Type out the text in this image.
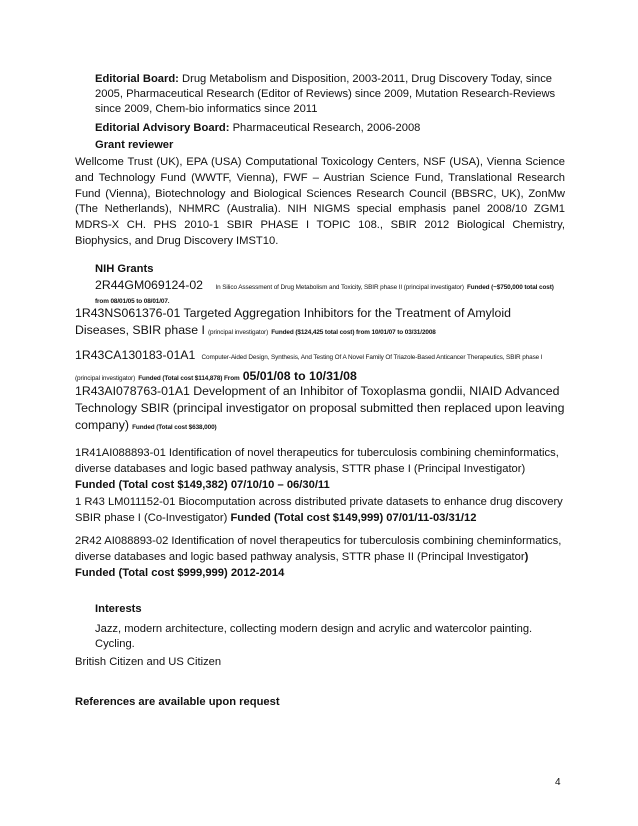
Editorial Board: Drug Metabolism and Disposition, 2003-2011, Drug Discovery Today, since 2005, Pharmaceutical Research (Editor of Reviews) since 2009, Mutation Research-Reviews since 2009, Chem-bio informatics since 2011
Editorial Advisory Board: Pharmaceutical Research, 2006-2008
Grant reviewer
Wellcome Trust (UK), EPA (USA) Computational Toxicology Centers, NSF (USA), Vienna Science and Technology Fund (WWTF, Vienna), FWF – Austrian Science Fund, Translational Research Fund (Vienna), Biotechnology and Biological Sciences Research Council (BBSRC, UK), ZonMw (The Netherlands), NHMRC (Australia). NIH NIGMS special emphasis panel 2008/10 ZGM1 MDRS-X CH. PHS 2010-1 SBIR PHASE I TOPIC 108., SBIR 2012 Biological Chemistry, Biophysics, and Drug Discovery IMST10.
NIH Grants
2R44GM069124-02 In Silico Assessment of Drug Metabolism and Toxicity, SBIR phase II (principal investigator) Funded (~$750,000 total cost) from 08/01/05 to 08/01/07.
1R43NS061376-01 Targeted Aggregation Inhibitors for the Treatment of Amyloid Diseases, SBIR phase I (principal investigator) Funded ($124,425 total cost) from 10/01/07 to 03/31/2008
1R43CA130183-01A1 Computer-Aided Design, Synthesis, And Testing Of A Novel Family Of Triazole-Based Anticancer Therapeutics, SBIR phase I (principal investigator) Funded (Total cost $114,878) From 05/01/08 to 10/31/08
1R43AI078763-01A1 Development of an Inhibitor of Toxoplasma gondii, NIAID Advanced Technology SBIR (principal investigator on proposal submitted then replaced upon leaving company) Funded (Total cost $638,000)
1R41AI088893-01 Identification of novel therapeutics for tuberculosis combining cheminformatics, diverse databases and logic based pathway analysis, STTR phase I (Principal Investigator) Funded (Total cost $149,382) 07/10/10 – 06/30/11
1 R43 LM011152-01 Biocomputation across distributed private datasets to enhance drug discovery SBIR phase I (Co-Investigator) Funded (Total cost $149,999) 07/01/11-03/31/12
2R42 AI088893-02 Identification of novel therapeutics for tuberculosis combining cheminformatics, diverse databases and logic based pathway analysis, STTR phase II (Principal Investigator) Funded (Total cost $999,999) 2012-2014
Interests
Jazz, modern architecture, collecting modern design and acrylic and watercolor painting. Cycling.
British Citizen and US Citizen
References are available upon request
4
